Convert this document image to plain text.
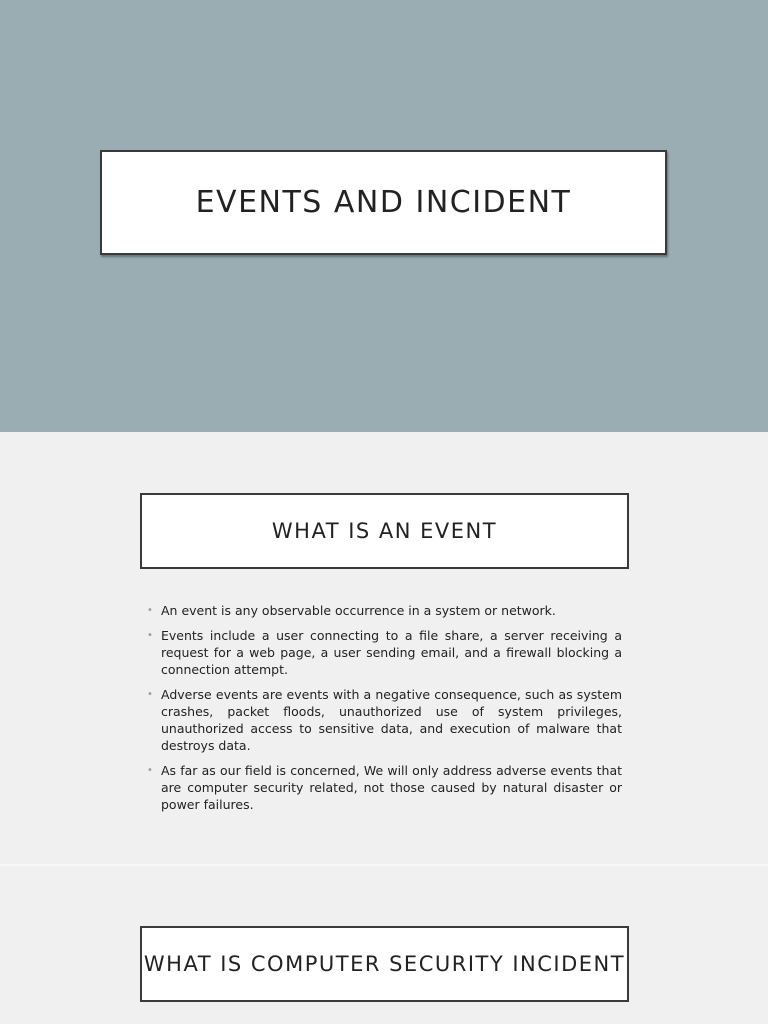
EVENTS AND INCIDENT
WHAT IS AN EVENT
• An event is any observable occurrence in a system or network.
• Events include a user connecting to a file share, a server receiving a request for a web page, a user sending email, and a firewall blocking a connection attempt.
• Adverse events are events with a negative consequence, such as system crashes, packet floods, unauthorized use of system privileges, unauthorized access to sensitive data, and execution of malware that destroys data.
• As far as our field is concerned, We will only address adverse events that are computer security related, not those caused by natural disaster or power failures.
WHAT IS COMPUTER SECURITY INCIDENT
